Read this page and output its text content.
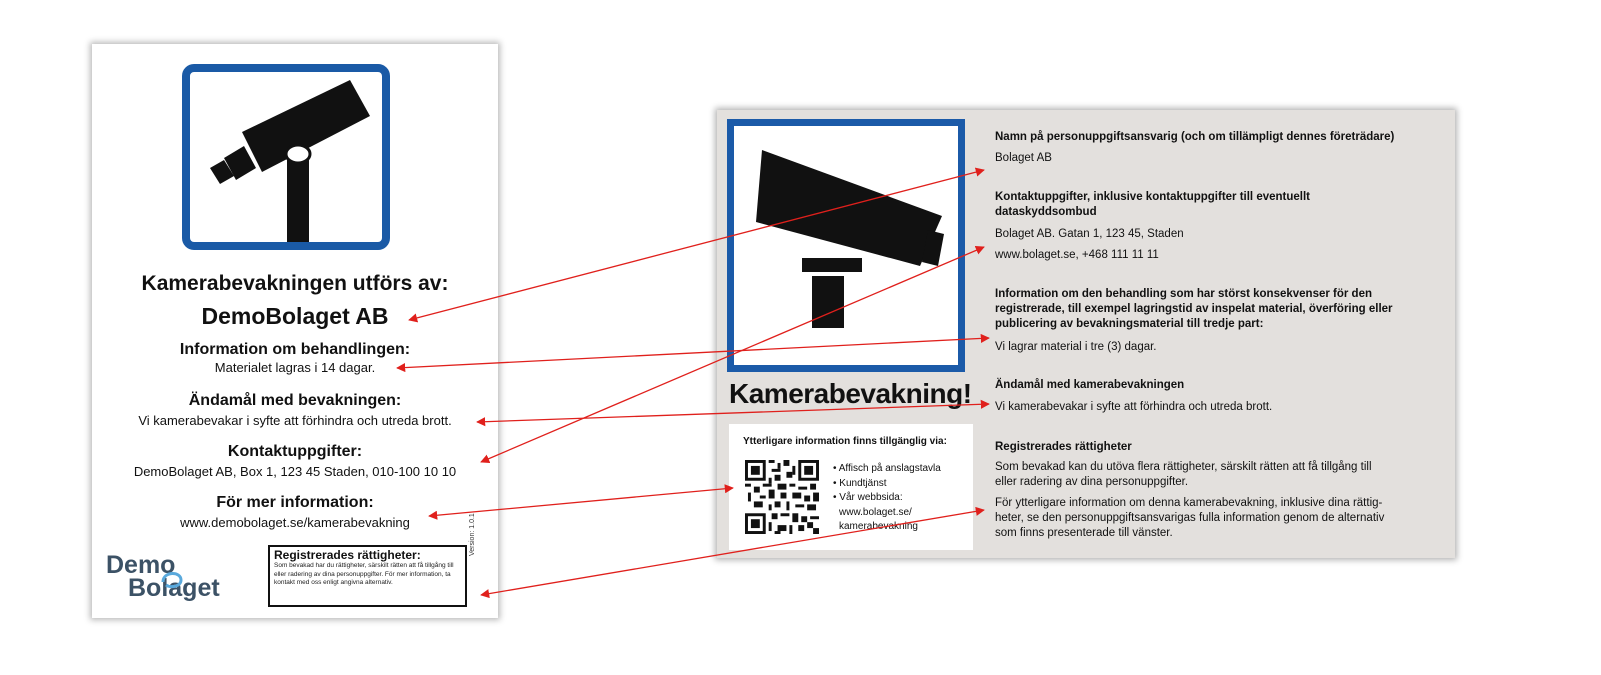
Kamerabevakningen utförs av:
DemoBolaget AB
Information om behandlingen:
Materialet lagras i 14 dagar.
Ändamål med bevakningen:
Vi kamerabevakar i syfte att förhindra och utreda brott.
Kontaktuppgifter:
DemoBolaget AB, Box 1, 123 45 Staden, 010-100 10 10
För mer information:
www.demobolaget.se/kamerabevakning
Demo
Bolaget
Registrerades rättigheter:
Som bevakad har du rättigheter, särskilt rätten att få tillgång till eller radering av dina personuppgifter. För mer information, ta kontakt med oss enligt angivna alternativ.
Version: 1.0.1
Kamerabevakning!
Ytterligare information finns tillgänglig via:
• Affisch på anslagstavla
• Kundtjänst
• Vår webbsida:
www.bolaget.se/
kamerabevakning
Namn på personuppgiftsansvarig (och om tillämpligt dennes företrädare)
Bolaget AB
Kontaktuppgifter, inklusive kontaktuppgifter till eventuellt
dataskyddsombud
Bolaget AB. Gatan 1, 123 45, Staden
www.bolaget.se, +468 111 11 11
Information om den behandling som har störst konsekvenser för den
registrerade, till exempel lagringstid av inspelat material, överföring eller
publicering av bevakningsmaterial till tredje part:
Vi lagrar material i tre (3) dagar.
Ändamål med kamerabevakningen
Vi kamerabevakar i syfte att förhindra och utreda brott.
Registrerades rättigheter
Som bevakad kan du utöva flera rättigheter, särskilt rätten att få tillgång till
eller radering av dina personuppgifter.
För ytterligare information om denna kamerabevakning, inklusive dina rättig-
heter, se den personuppgiftsansvarigas fulla information genom de alternativ
som finns presenterade till vänster.
